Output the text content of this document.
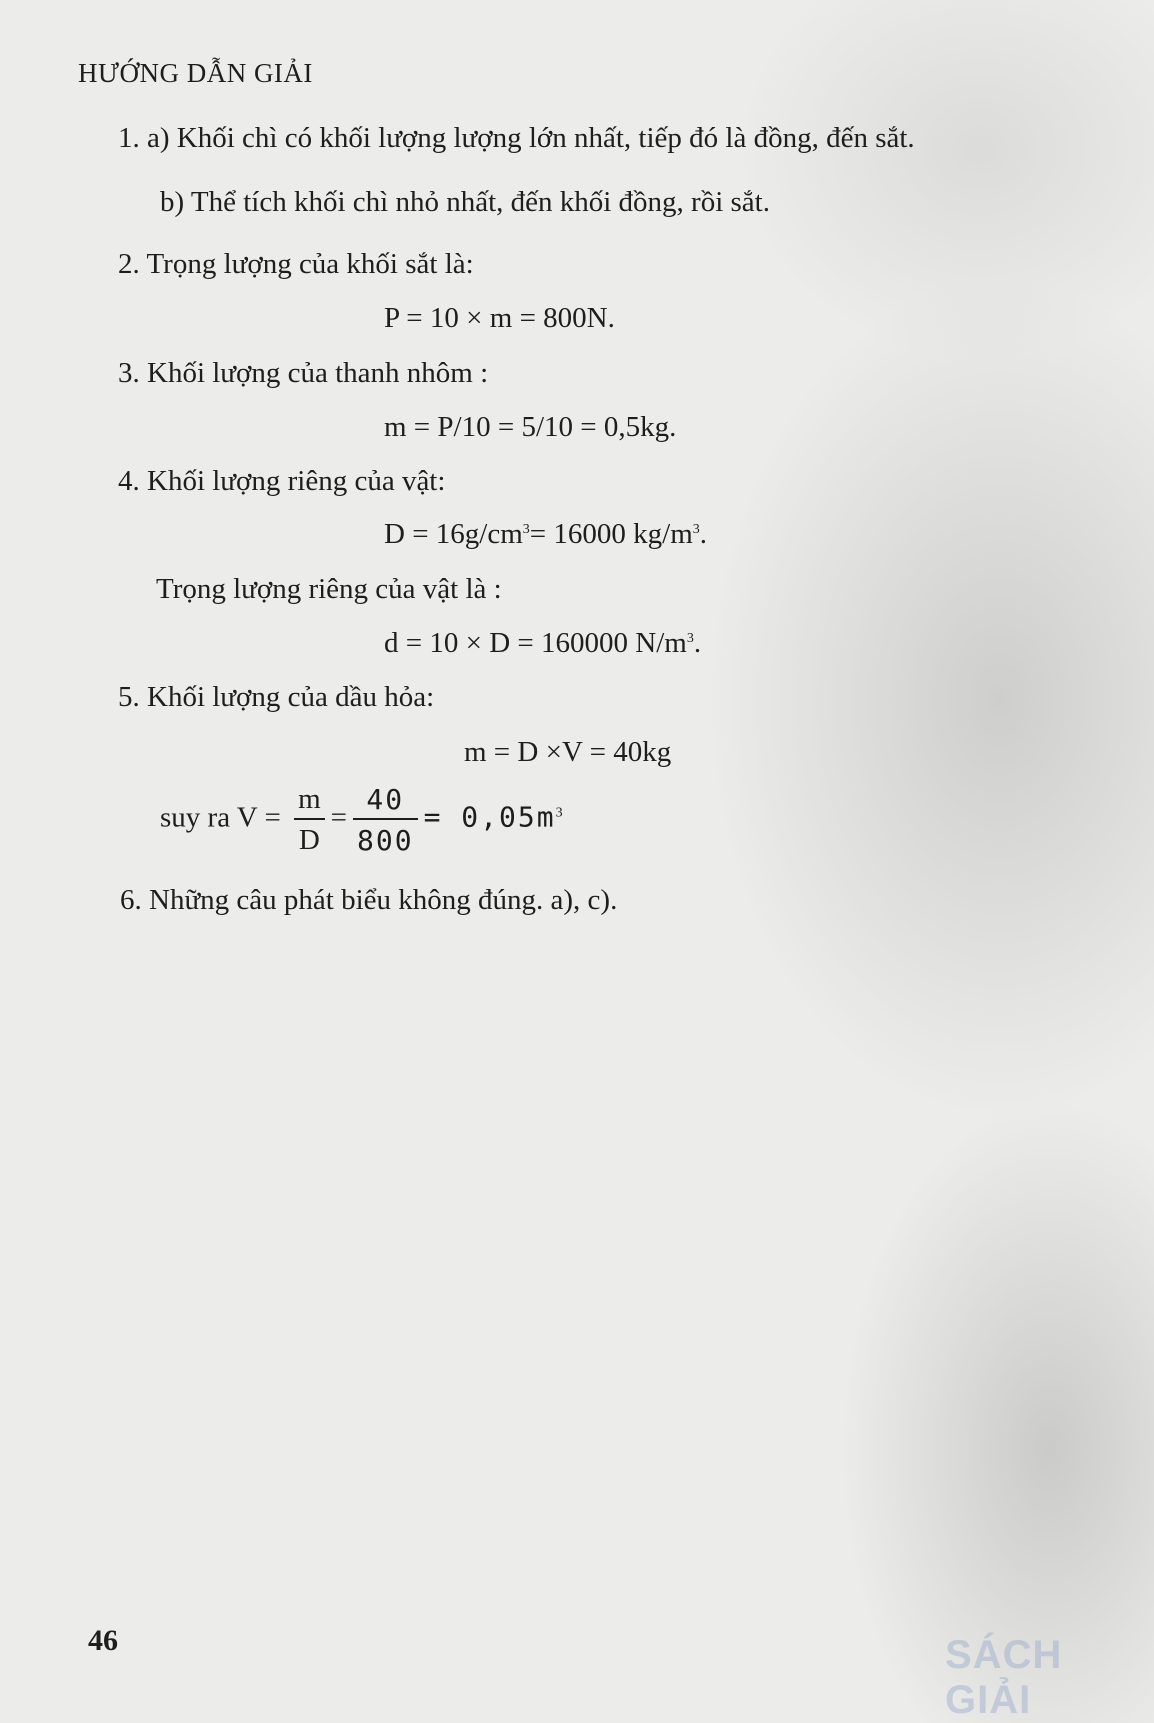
HƯỚNG DẪN GIẢI
1. a) Khối chì có khối lượng lượng lớn nhất, tiếp đó là đồng, đến sắt.
b) Thể tích khối chì nhỏ nhất, đến khối đồng, rồi sắt.
2. Trọng lượng của khối sắt là:
P = 10 × m = 800N.
3. Khối lượng của thanh nhôm :
m = P/10 = 5/10 = 0,5kg.
4. Khối lượng riêng của vật:
$D = 16g/cm^3= 16000$ $kg/m^3$.
Trọng lượng riêng của vật là :
d = 10 × D = 160000 $N/m^3$.
5. Khối lượng của dầu hỏa:
m = D ×V = 40kg
suy ra $V = \frac{m}{D} = \frac{40}{800} = 0,05m^3$
6. Những câu phát biểu không đúng. a), c).
46	SÁCH GIẢI
